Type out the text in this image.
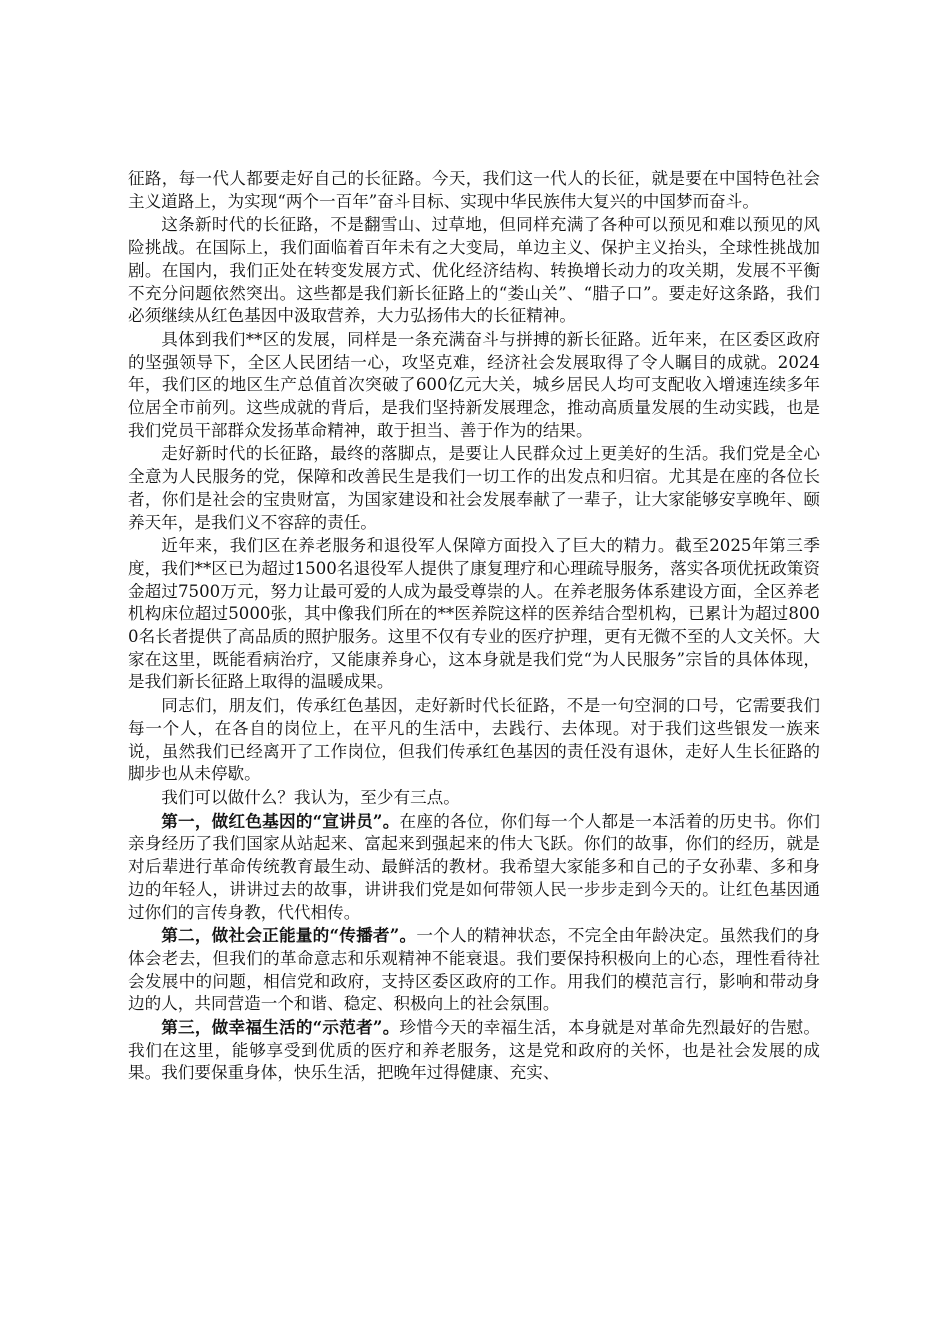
征路，每一代人都要走好自己的长征路。今天，我们这一代人的长征，就是要在中国特色社会主义道路上，为实现“两个一百年”奋斗目标、实现中华民族伟大复兴的中国梦而奋斗。

这条新时代的长征路，不是翻雪山、过草地，但同样充满了各种可以预见和难以预见的风险挑战。在国际上，我们面临着百年未有之大变局，单边主义、保护主义抬头，全球性挑战加剧。在国内，我们正处在转变发展方式、优化经济结构、转换增长动力的攻关期，发展不平衡不充分问题依然突出。这些都是我们新长征路上的“娄山关”、“腊子口”。要走好这条路，我们必须继续从红色基因中汲取营养，大力弘扬伟大的长征精神。

具体到我们**区的发展，同样是一条充满奋斗与拼搏的新长征路。近年来，在区委区政府的坚强领导下，全区人民团结一心，攻坚克难，经济社会发展取得了令人瞩目的成就。2024年，我们区的地区生产总值首次突破了600亿元大关，城乡居民人均可支配收入增速连续多年位居全市前列。这些成就的背后，是我们坚持新发展理念，推动高质量发展的生动实践，也是我们党员干部群众发扬革命精神，敢于担当、善于作为的结果。

走好新时代的长征路，最终的落脚点，是要让人民群众过上更美好的生活。我们党是全心全意为人民服务的党，保障和改善民生是我们一切工作的出发点和归宿。尤其是在座的各位长者，你们是社会的宝贵财富，为国家建设和社会发展奉献了一辈子，让大家能够安享晚年、颐养天年，是我们义不容辞的责任。

近年来，我们区在养老服务和退役军人保障方面投入了巨大的精力。截至2025年第三季度，我们**区已为超过1500名退役军人提供了康复理疗和心理疏导服务，落实各项优抚政策资金超过7500万元，努力让最可爱的人成为最受尊崇的人。在养老服务体系建设方面，全区养老机构床位超过5000张，其中像我们所在的**医养院这样的医养结合型机构，已累计为超过8000名长者提供了高品质的照护服务。这里不仅有专业的医疗护理，更有无微不至的人文关怀。大家在这里，既能看病治疗，又能康养身心，这本身就是我们党“为人民服务”宗旨的具体体现，是我们新长征路上取得的温暖成果。

同志们，朋友们，传承红色基因，走好新时代长征路，不是一句空洞的口号，它需要我们每一个人，在各自的岗位上，在平凡的生活中，去践行、去体现。对于我们这些银发一族来说，虽然我们已经离开了工作岗位，但我们传承红色基因的责任没有退休，走好人生长征路的脚步也从未停歇。

我们可以做什么？我认为，至少有三点。

第一，做红色基因的“宣讲员”。在座的各位，你们每一个人都是一本活着的历史书。你们亲身经历了我们国家从站起来、富起来到强起来的伟大飞跃。你们的故事，你们的经历，就是对后辈进行革命传统教育最生动、最鲜活的教材。我希望大家能多和自己的子女孙辈、多和身边的年轻人，讲讲过去的故事，讲讲我们党是如何带领人民一步步走到今天的。让红色基因通过你们的言传身教，代代相传。

第二，做社会正能量的“传播者”。一个人的精神状态，不完全由年龄决定。虽然我们的身体会老去，但我们的革命意志和乐观精神不能衰退。我们要保持积极向上的心态，理性看待社会发展中的问题，相信党和政府，支持区委区政府的工作。用我们的模范言行，影响和带动身边的人，共同营造一个和谐、稳定、积极向上的社会氛围。

第三，做幸福生活的“示范者”。珍惜今天的幸福生活，本身就是对革命先烈最好的告慰。我们在这里，能够享受到优质的医疗和养老服务，这是党和政府的关怀，也是社会发展的成果。我们要保重身体，快乐生活，把晚年过得健康、充实、
